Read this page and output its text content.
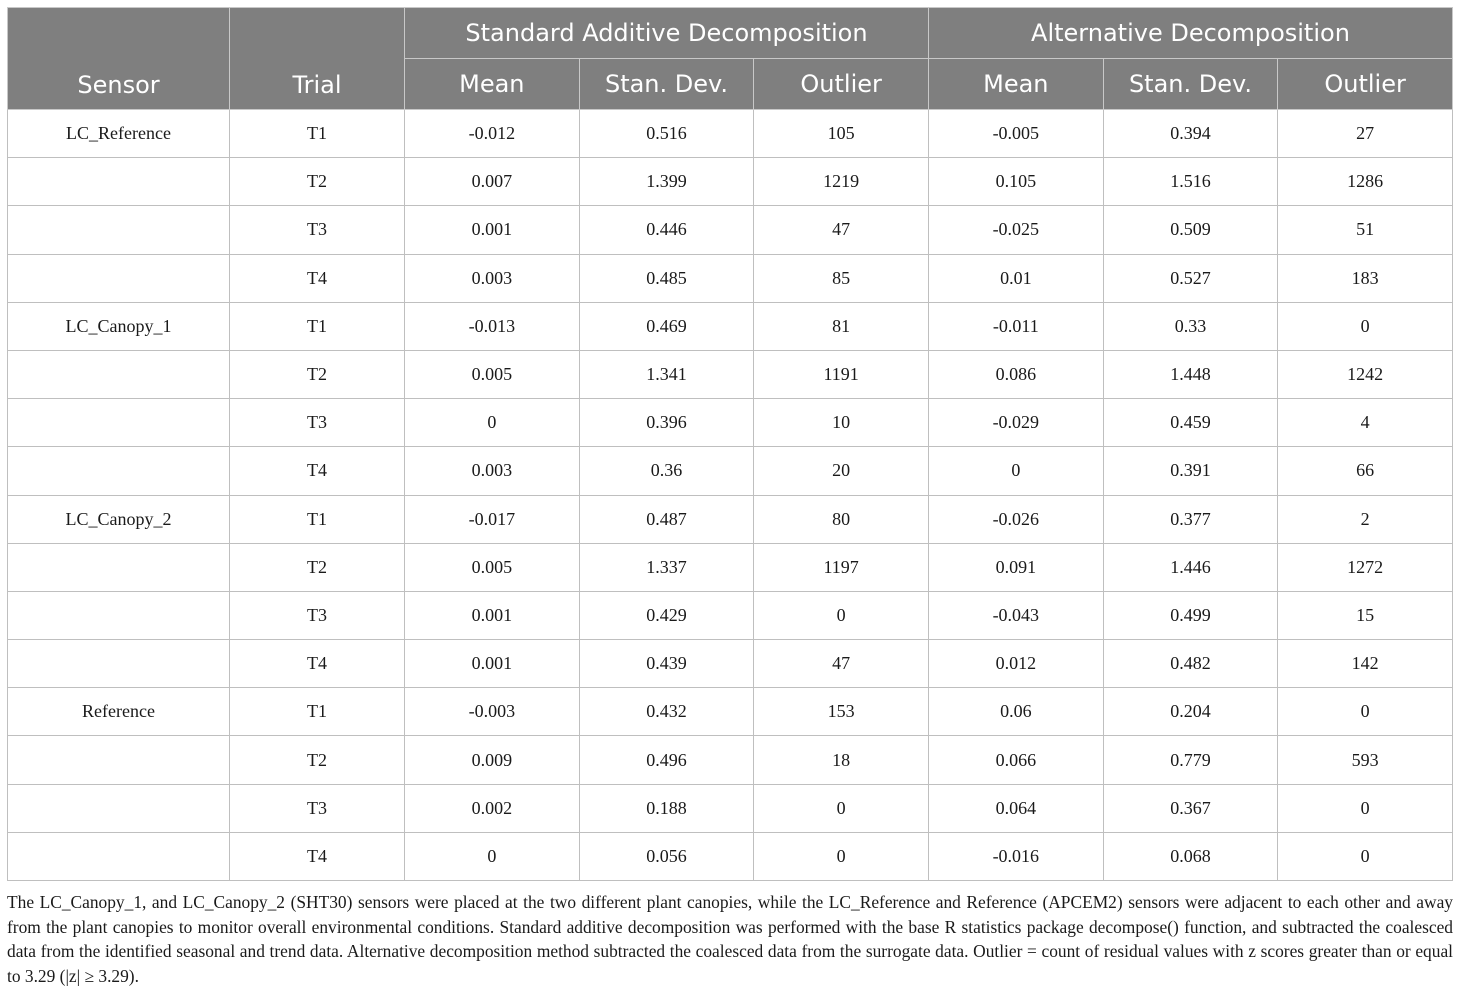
Sensor	Trial	Standard Additive Decomposition			Alternative Decomposition		
		Mean	Stan. Dev.	Outlier	Mean	Stan. Dev.	Outlier
LC_Reference	T1	-0.012	0.516	105	-0.005	0.394	27
	T2	0.007	1.399	1219	0.105	1.516	1286
	T3	0.001	0.446	47	-0.025	0.509	51
	T4	0.003	0.485	85	0.01	0.527	183
LC_Canopy_1	T1	-0.013	0.469	81	-0.011	0.33	0
	T2	0.005	1.341	1191	0.086	1.448	1242
	T3	0	0.396	10	-0.029	0.459	4
	T4	0.003	0.36	20	0	0.391	66
LC_Canopy_2	T1	-0.017	0.487	80	-0.026	0.377	2
	T2	0.005	1.337	1197	0.091	1.446	1272
	T3	0.001	0.429	0	-0.043	0.499	15
	T4	0.001	0.439	47	0.012	0.482	142
Reference	T1	-0.003	0.432	153	0.06	0.204	0
	T2	0.009	0.496	18	0.066	0.779	593
	T3	0.002	0.188	0	0.064	0.367	0
	T4	0	0.056	0	-0.016	0.068	0

The LC_Canopy_1, and LC_Canopy_2 (SHT30) sensors were placed at the two different plant canopies, while the LC_Reference and Reference (APCEM2) sensors were adjacent to each other and away from the plant canopies to monitor overall environmental conditions. Standard additive decomposition was performed with the base R statistics package decompose() function, and subtracted the coalesced data from the identified seasonal and trend data. Alternative decomposition method subtracted the coalesced data from the surrogate data. Outlier = count of residual values with z scores greater than or equal to 3.29 (|z| ≥ 3.29).
